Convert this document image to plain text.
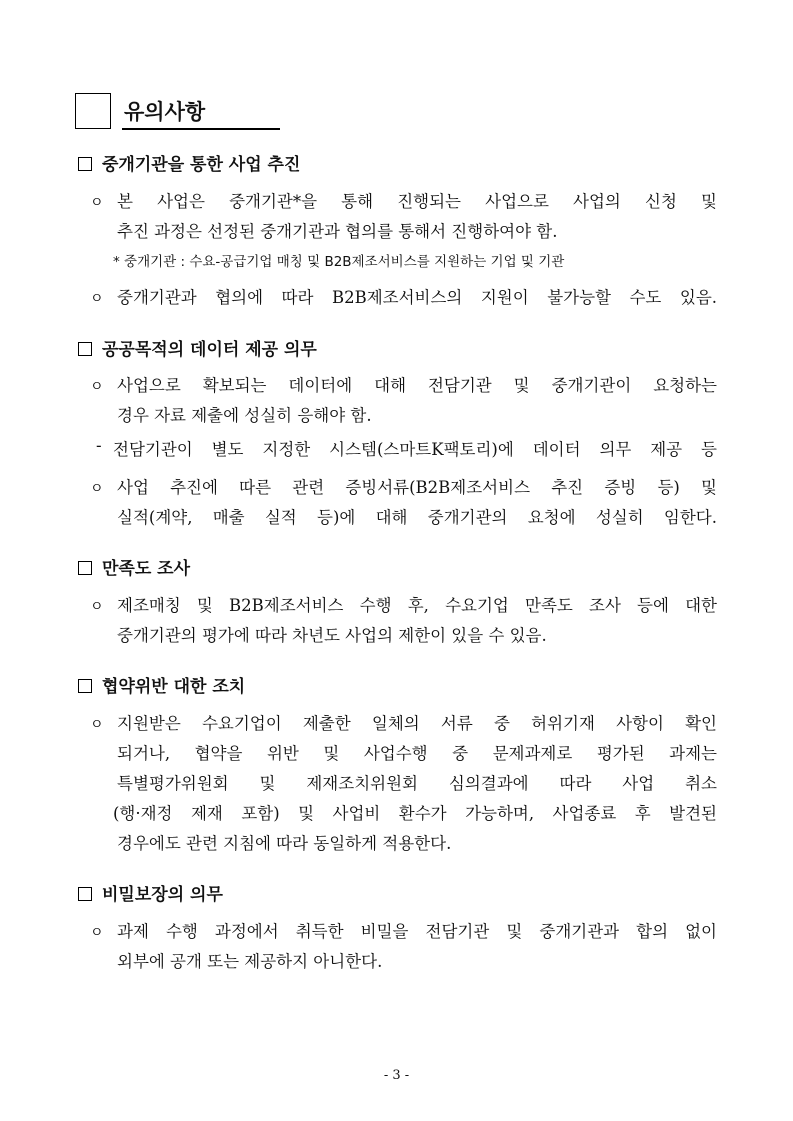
유의사항
중개기관을 통한 사업 추진
ㅇ 본 사업은 중개기관*을 통해 진행되는 사업으로 사업의 신청 및
추진 과정은 선정된 중개기관과 협의를 통해서 진행하여야 함.
* 중개기관 : 수요-공급기업 매칭 및 B2B제조서비스를 지원하는 기업 및 기관
ㅇ 중개기관과 협의에 따라 B2B제조서비스의 지원이 불가능할 수도 있음.
공공목적의 데이터 제공 의무
ㅇ 사업으로 확보되는 데이터에 대해 전담기관 및 중개기관이 요청하는
경우 자료 제출에 성실히 응해야 함.
- 전담기관이 별도 지정한 시스템(스마트K팩토리)에 데이터 의무 제공 등
ㅇ 사업 추진에 따른 관련 증빙서류(B2B제조서비스 추진 증빙 등) 및
실적(계약, 매출 실적 등)에 대해 중개기관의 요청에 성실히 임한다.
만족도 조사
ㅇ 제조매칭 및 B2B제조서비스 수행 후, 수요기업 만족도 조사 등에 대한
중개기관의 평가에 따라 차년도 사업의 제한이 있을 수 있음.
협약위반 대한 조치
ㅇ 지원받은 수요기업이 제출한 일체의 서류 중 허위기재 사항이 확인
되거나, 협약을 위반 및 사업수행 중 문제과제로 평가된 과제는
특별평가위원회 및 제재조치위원회 심의결과에 따라 사업 취소
(행·재정 제재 포함) 및 사업비 환수가 가능하며, 사업종료 후 발견된
경우에도 관련 지침에 따라 동일하게 적용한다.
비밀보장의 의무
ㅇ 과제 수행 과정에서 취득한 비밀을 전담기관 및 중개기관과 합의 없이
외부에 공개 또는 제공하지 아니한다.
- 3 -
